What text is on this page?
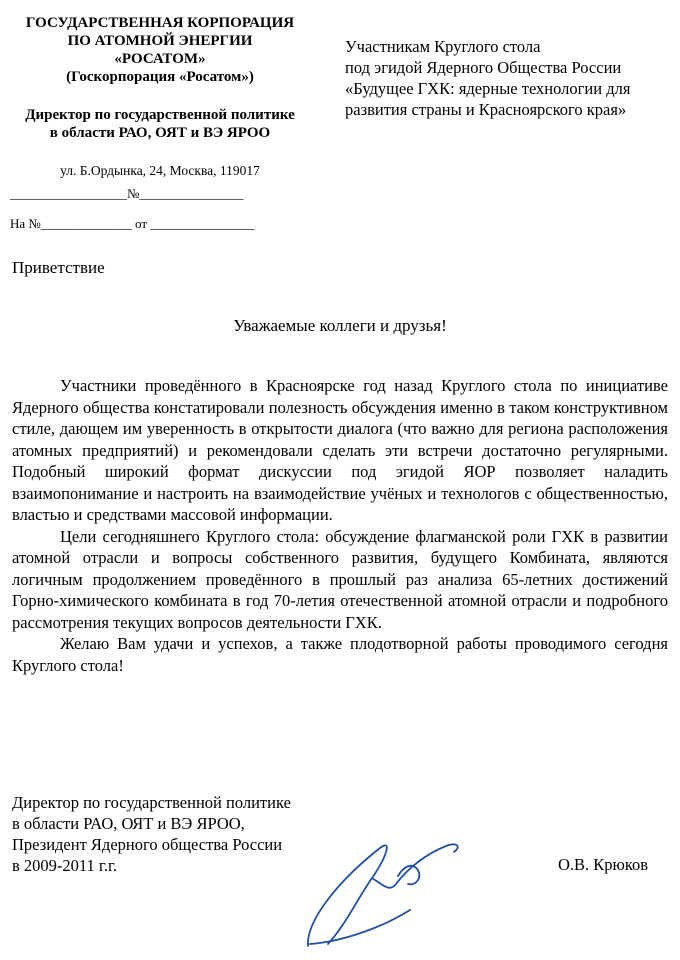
ГОСУДАРСТВЕННАЯ КОРПОРАЦИЯ
ПО АТОМНОЙ ЭНЕРГИИ
«РОСАТОМ»
(Госкорпорация «Росатом»)
Директор по государственной политике
в области РАО, ОЯТ и ВЭ ЯРОО
ул. Б.Ордынка, 24, Москва, 119017
__________________№________________
На №______________ от ________________
Участникам Круглого стола
под эгидой Ядерного Общества России
«Будущее ГХК: ядерные технологии для
развития страны и Красноярского края»
Приветствие
Уважаемые коллеги и друзья!

Участники проведённого в Красноярске год назад Круглого стола по инициативе Ядерного общества констатировали полезность обсуждения именно в таком конструктивном стиле, дающем им уверенность в открытости диалога (что важно для региона расположения атомных предприятий) и рекомендовали сделать эти встречи достаточно регулярными. Подобный широкий формат дискуссии под эгидой ЯОР позволяет наладить взаимопонимание и настроить на взаимодействие учёных и технологов с общественностью, властью и средствами массовой информации.

Цели сегодняшнего Круглого стола: обсуждение флагманской роли ГХК в развитии атомной отрасли и вопросы собственного развития, будущего Комбината, являются логичным продолжением проведённого в прошлый раз анализа 65-летних достижений Горно-химического комбината в год 70-летия отечественной атомной отрасли и подробного рассмотрения текущих вопросов деятельности ГХК.

Желаю Вам удачи и успехов, а также плодотворной работы проводимого сегодня Круглого стола!

Директор по государственной политике
в области РАО, ОЯТ и ВЭ ЯРОО,
Президент Ядерного общества России
в 2009-2011 г.г.	О.В. Крюков
